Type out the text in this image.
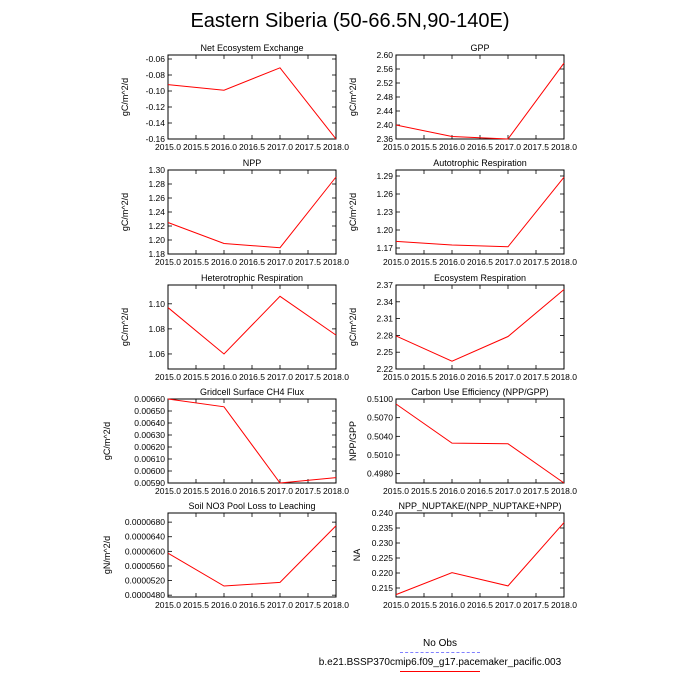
Eastern Siberia (50-66.5N,90-140E)
2015.0 2015.5 2016.0 2016.5 2017.0 2017.5 2018.0
-0.06
-0.08
-0.10
-0.12
-0.14
-0.16
Net Ecosystem Exchange
gC/m^2/d
2015.0 2015.5 2016.0 2016.5 2017.0 2017.5 2018.0
2.60
2.56
2.52
2.48
2.44
2.40
2.36
GPP
gC/m^2/d
2015.0 2015.5 2016.0 2016.5 2017.0 2017.5 2018.0
1.30
1.28
1.26
1.24
1.22
1.20
1.18
NPP
gC/m^2/d
2015.0 2015.5 2016.0 2016.5 2017.0 2017.5 2018.0
1.29
1.26
1.23
1.20
1.17
Autotrophic Respiration
gC/m^2/d
2015.0 2015.5 2016.0 2016.5 2017.0 2017.5 2018.0
1.10
1.08
1.06
Heterotrophic Respiration
gC/m^2/d
2015.0 2015.5 2016.0 2016.5 2017.0 2017.5 2018.0
2.37
2.34
2.31
2.28
2.25
2.22
Ecosystem Respiration
gC/m^2/d
2015.0 2015.5 2016.0 2016.5 2017.0 2017.5 2018.0
0.00660
0.00650
0.00640
0.00630
0.00620
0.00610
0.00600
0.00590
Gridcell Surface CH4 Flux
gC/m^2/d
2015.0 2015.5 2016.0 2016.5 2017.0 2017.5 2018.0
0.5100
0.5070
0.5040
0.5010
0.4980
Carbon Use Efficiency (NPP/GPP)
NPP/GPP
2015.0 2015.5 2016.0 2016.5 2017.0 2017.5 2018.0
0.0000680
0.0000640
0.0000600
0.0000560
0.0000520
0.0000480
Soil NO3 Pool Loss to Leaching
gN/m^2/d
2015.0 2015.5 2016.0 2016.5 2017.0 2017.5 2018.0
0.240
0.235
0.230
0.225
0.220
0.215
NPP_NUPTAKE/(NPP_NUPTAKE+NPP)
NA
No Obs
b.e21.BSSP370cmip6.f09_g17.pacemaker_pacific.003
